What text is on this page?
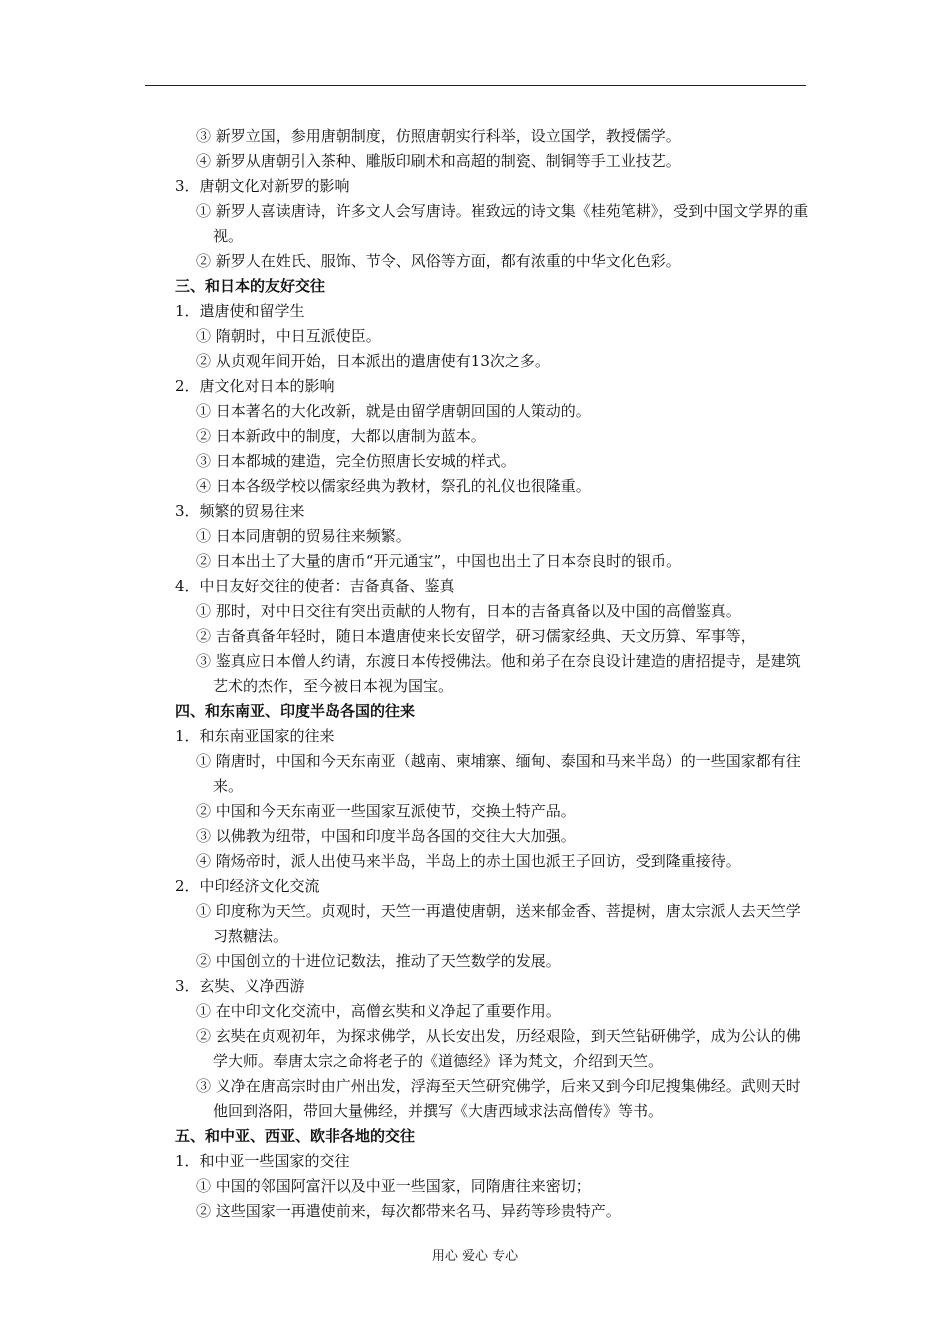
③ 新罗立国，参用唐朝制度，仿照唐朝实行科举，设立国学，教授儒学。
④ 新罗从唐朝引入茶种、雕版印刷术和高超的制瓷、制铜等手工业技艺。
3．唐朝文化对新罗的影响
① 新罗人喜读唐诗，许多文人会写唐诗。崔致远的诗文集《桂苑笔耕》，受到中国文学界的重视。
② 新罗人在姓氏、服饰、节令、风俗等方面，都有浓重的中华文化色彩。
三、和日本的友好交往
1．遣唐使和留学生
① 隋朝时，中日互派使臣。
② 从贞观年间开始，日本派出的遣唐使有13次之多。
2．唐文化对日本的影响
① 日本著名的大化改新，就是由留学唐朝回国的人策动的。
② 日本新政中的制度，大都以唐制为蓝本。
③ 日本都城的建造，完全仿照唐长安城的样式。
④ 日本各级学校以儒家经典为教材，祭孔的礼仪也很隆重。
3．频繁的贸易往来
① 日本同唐朝的贸易往来频繁。
② 日本出土了大量的唐币“开元通宝”，中国也出土了日本奈良时的银币。
4．中日友好交往的使者：吉备真备、鉴真
① 那时，对中日交往有突出贡献的人物有，日本的吉备真备以及中国的高僧鉴真。
② 吉备真备年轻时，随日本遣唐使来长安留学，研习儒家经典、天文历算、军事等，
③ 鉴真应日本僧人约请，东渡日本传授佛法。他和弟子在奈良设计建造的唐招提寺，是建筑艺术的杰作，至今被日本视为国宝。
四、和东南亚、印度半岛各国的往来
1．和东南亚国家的往来
① 隋唐时，中国和今天东南亚（越南、柬埔寨、缅甸、泰国和马来半岛）的一些国家都有往来。
② 中国和今天东南亚一些国家互派使节，交换土特产品。
③ 以佛教为纽带，中国和印度半岛各国的交往大大加强。
④ 隋炀帝时，派人出使马来半岛，半岛上的赤土国也派王子回访，受到隆重接待。
2．中印经济文化交流
① 印度称为天竺。贞观时，天竺一再遣使唐朝，送来郁金香、菩提树，唐太宗派人去天竺学习熬糖法。
② 中国创立的十进位记数法，推动了天竺数学的发展。
3．玄奘、义净西游
① 在中印文化交流中，高僧玄奘和义净起了重要作用。
② 玄奘在贞观初年，为探求佛学，从长安出发，历经艰险，到天竺钻研佛学，成为公认的佛学大师。奉唐太宗之命将老子的《道德经》译为梵文，介绍到天竺。
③ 义净在唐高宗时由广州出发，浮海至天竺研究佛学，后来又到今印尼搜集佛经。武则天时他回到洛阳，带回大量佛经，并撰写《大唐西域求法高僧传》等书。
五、和中亚、西亚、欧非各地的交往
1．和中亚一些国家的交往
① 中国的邻国阿富汗以及中亚一些国家，同隋唐往来密切；
② 这些国家一再遣使前来，每次都带来名马、异药等珍贵特产。
用心 爱心 专心
